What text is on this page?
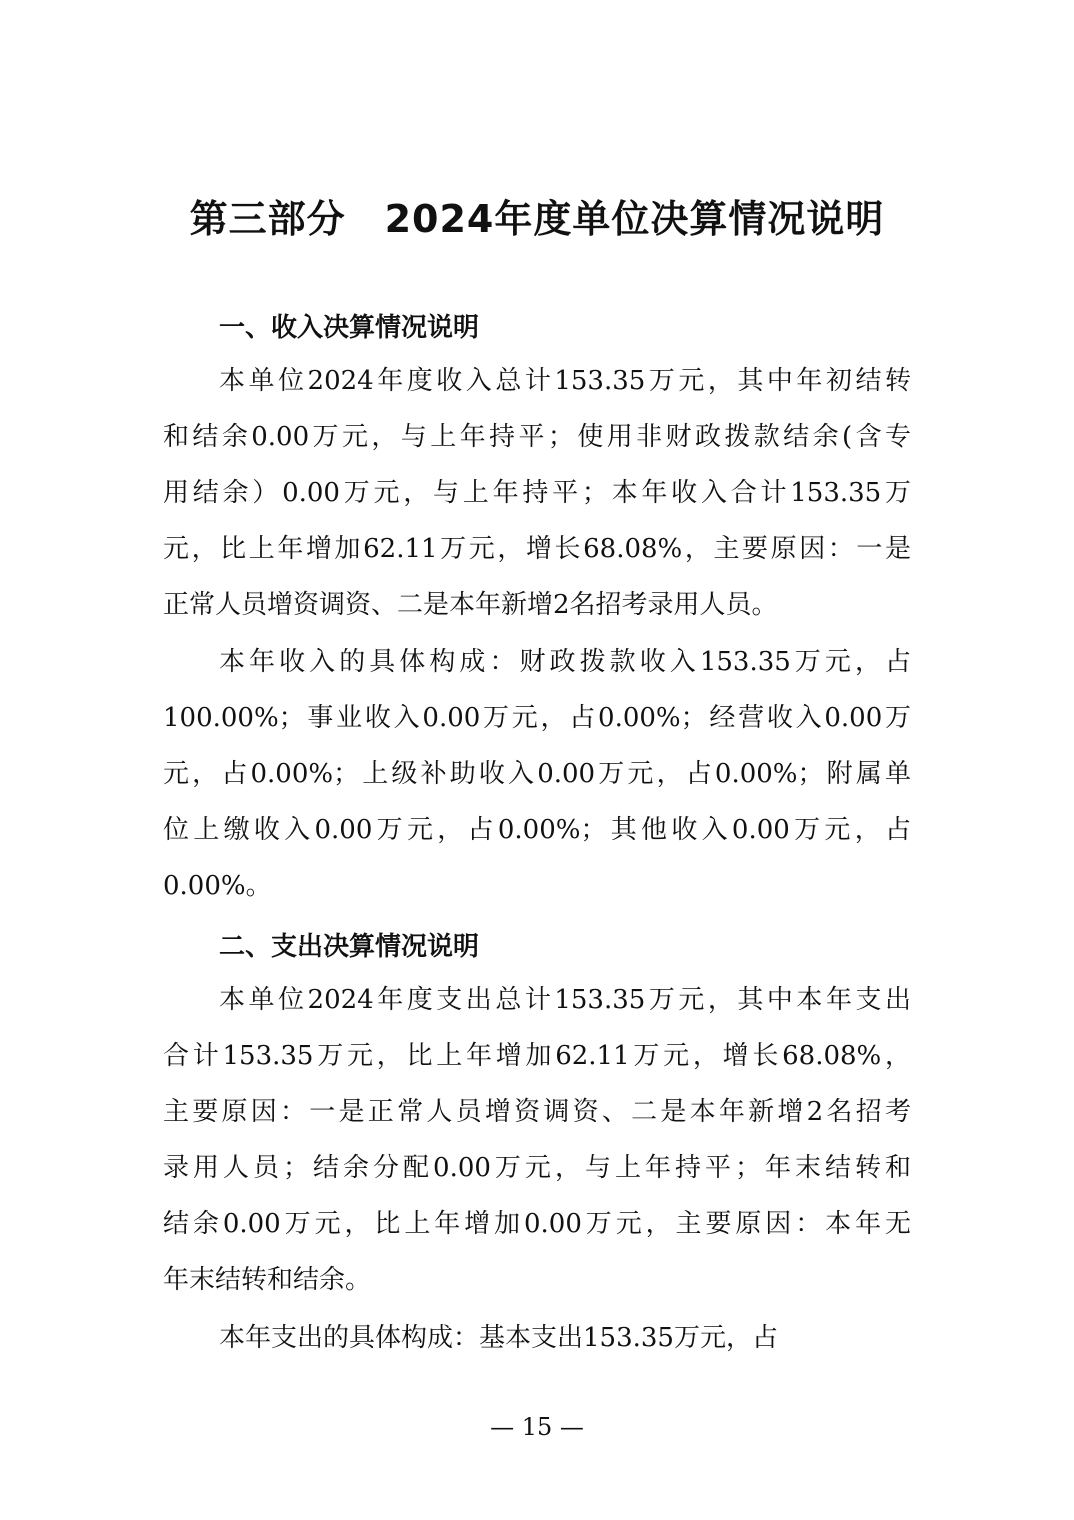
第三部分　2024年度单位决算情况说明
一、收入决算情况说明
本单位2024年度收入总计153.35万元，其中年初结转
和结余0.00万元，与上年持平；使用非财政拨款结余(含专
用结余）0.00万元，与上年持平；本年收入合计153.35万
元，比上年增加62.11万元，增长68.08%，主要原因：一是
正常人员增资调资、二是本年新增2名招考录用人员。
本年收入的具体构成：财政拨款收入153.35万元，占
100.00%；事业收入0.00万元，占0.00%；经营收入0.00万
元，占0.00%；上级补助收入0.00万元，占0.00%；附属单
位上缴收入0.00万元，占0.00%；其他收入0.00万元，占
0.00%。
二、支出决算情况说明
本单位2024年度支出总计153.35万元，其中本年支出
合计153.35万元，比上年增加62.11万元，增长68.08%，
主要原因：一是正常人员增资调资、二是本年新增2名招考
录用人员；结余分配0.00万元，与上年持平；年末结转和
结余0.00万元，比上年增加0.00万元，主要原因：本年无
年末结转和结余。
本年支出的具体构成：基本支出153.35万元，占
— 15 —
